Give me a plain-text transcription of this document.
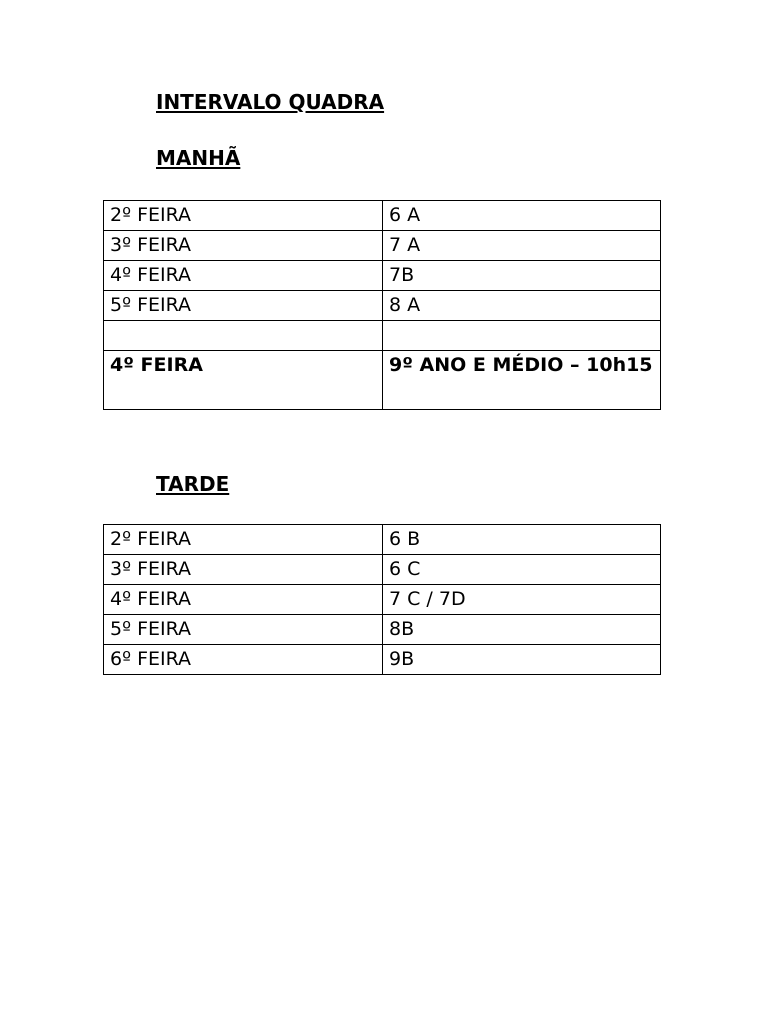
INTERVALO QUADRA
MANHÃ
2º FEIRA	6 A
3º FEIRA	7 A
4º FEIRA	7B
5º FEIRA	8 A

4º FEIRA	9º ANO E MÉDIO – 10h15
TARDE
2º FEIRA	6 B
3º FEIRA	6 C
4º FEIRA	7 C / 7D
5º FEIRA	8B
6º FEIRA	9B
